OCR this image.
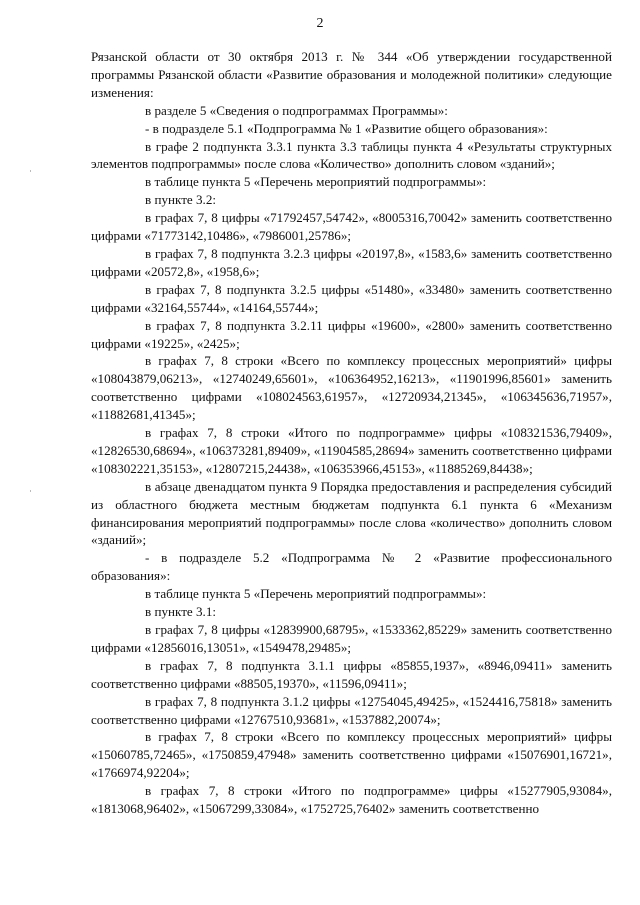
2

Рязанской области от 30 октября 2013 г. № 344 «Об утверждении государственной программы Рязанской области «Развитие образования и молодежной политики» следующие изменения:

в разделе 5 «Сведения о подпрограммах Программы»:

- в подразделе 5.1 «Подпрограмма № 1 «Развитие общего образования»:

в графе 2 подпункта 3.3.1 пункта 3.3 таблицы пункта 4 «Результаты структурных элементов подпрограммы» после слова «Количество» дополнить словом «зданий»;

в таблице пункта 5 «Перечень мероприятий подпрограммы»:

в пункте 3.2:

в графах 7, 8 цифры «71792457,54742», «8005316,70042» заменить соответственно цифрами «71773142,10486», «7986001,25786»;

в графах 7, 8 подпункта 3.2.3 цифры «20197,8», «1583,6» заменить соответственно цифрами «20572,8», «1958,6»;

в графах 7, 8 подпункта 3.2.5 цифры «51480», «33480» заменить соответственно цифрами «32164,55744», «14164,55744»;

в графах 7, 8 подпункта 3.2.11 цифры «19600», «2800» заменить соответственно цифрами «19225», «2425»;

в графах 7, 8 строки «Всего по комплексу процессных мероприятий» цифры «108043879,06213», «12740249,65601», «106364952,16213», «11901996,85601» заменить соответственно цифрами «108024563,61957», «12720934,21345», «106345636,71957», «11882681,41345»;

в графах 7, 8 строки «Итого по подпрограмме» цифры «108321536,79409», «12826530,68694», «106373281,89409», «11904585,28694» заменить соответственно цифрами «108302221,35153», «12807215,24438», «106353966,45153», «11885269,84438»;

в абзаце двенадцатом пункта 9 Порядка предоставления и распределения субсидий из областного бюджета местным бюджетам подпункта 6.1 пункта 6 «Механизм финансирования мероприятий подпрограммы» после слова «количество» дополнить словом «зданий»;

- в подразделе 5.2 «Подпрограмма № 2 «Развитие профессионального образования»:

в таблице пункта 5 «Перечень мероприятий подпрограммы»:

в пункте 3.1:

в графах 7, 8 цифры «12839900,68795», «1533362,85229» заменить соответственно цифрами «12856016,13051», «1549478,29485»;

в графах 7, 8 подпункта 3.1.1 цифры «85855,1937», «8946,09411» заменить соответственно цифрами «88505,19370», «11596,09411»;

в графах 7, 8 подпункта 3.1.2 цифры «12754045,49425», «1524416,75818» заменить соответственно цифрами «12767510,93681», «1537882,20074»;

в графах 7, 8 строки «Всего по комплексу процессных мероприятий» цифры «15060785,72465», «1750859,47948» заменить соответственно цифрами «15076901,16721», «1766974,92204»;

в графах 7, 8 строки «Итого по подпрограмме» цифры «15277905,93084», «1813068,96402», «15067299,33084», «1752725,76402» заменить соответственно
